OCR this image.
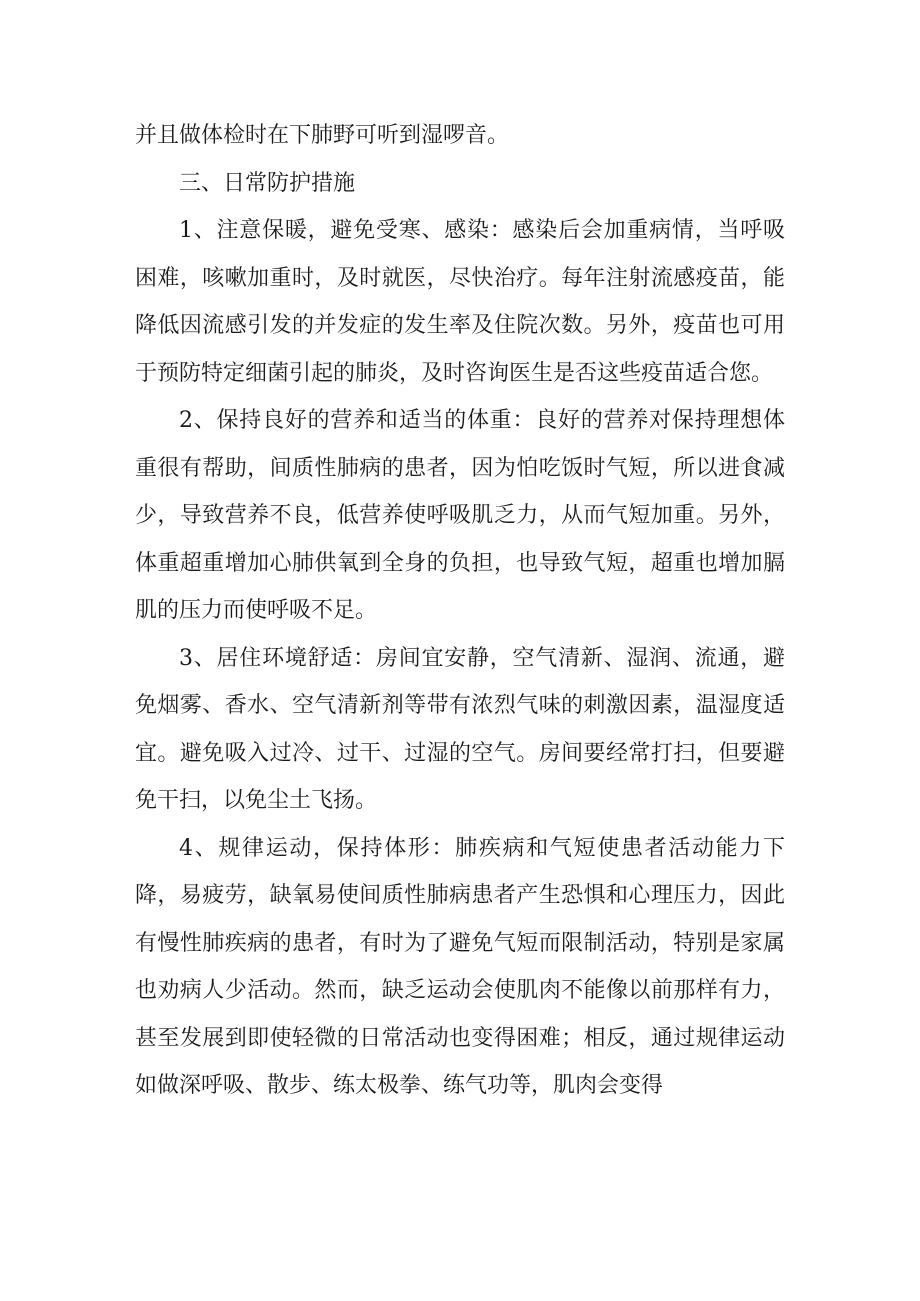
并且做体检时在下肺野可听到湿啰音。

三、日常防护措施

1、注意保暖，避免受寒、感染：感染后会加重病情，当呼吸困难，咳嗽加重时，及时就医，尽快治疗。每年注射流感疫苗，能降低因流感引发的并发症的发生率及住院次数。另外，疫苗也可用于预防特定细菌引起的肺炎，及时咨询医生是否这些疫苗适合您。

2、保持良好的营养和适当的体重：良好的营养对保持理想体重很有帮助，间质性肺病的患者，因为怕吃饭时气短，所以进食减少，导致营养不良，低营养使呼吸肌乏力，从而气短加重。另外，体重超重增加心肺供氧到全身的负担，也导致气短，超重也增加膈肌的压力而使呼吸不足。

3、居住环境舒适：房间宜安静，空气清新、湿润、流通，避免烟雾、香水、空气清新剂等带有浓烈气味的刺激因素，温湿度适宜。避免吸入过冷、过干、过湿的空气。房间要经常打扫，但要避免干扫，以免尘土飞扬。

4、规律运动，保持体形：肺疾病和气短使患者活动能力下降，易疲劳，缺氧易使间质性肺病患者产生恐惧和心理压力，因此有慢性肺疾病的患者，有时为了避免气短而限制活动，特别是家属也劝病人少活动。然而，缺乏运动会使肌肉不能像以前那样有力，甚至发展到即使轻微的日常活动也变得困难；相反，通过规律运动如做深呼吸、散步、练太极拳、练气功等，肌肉会变得
